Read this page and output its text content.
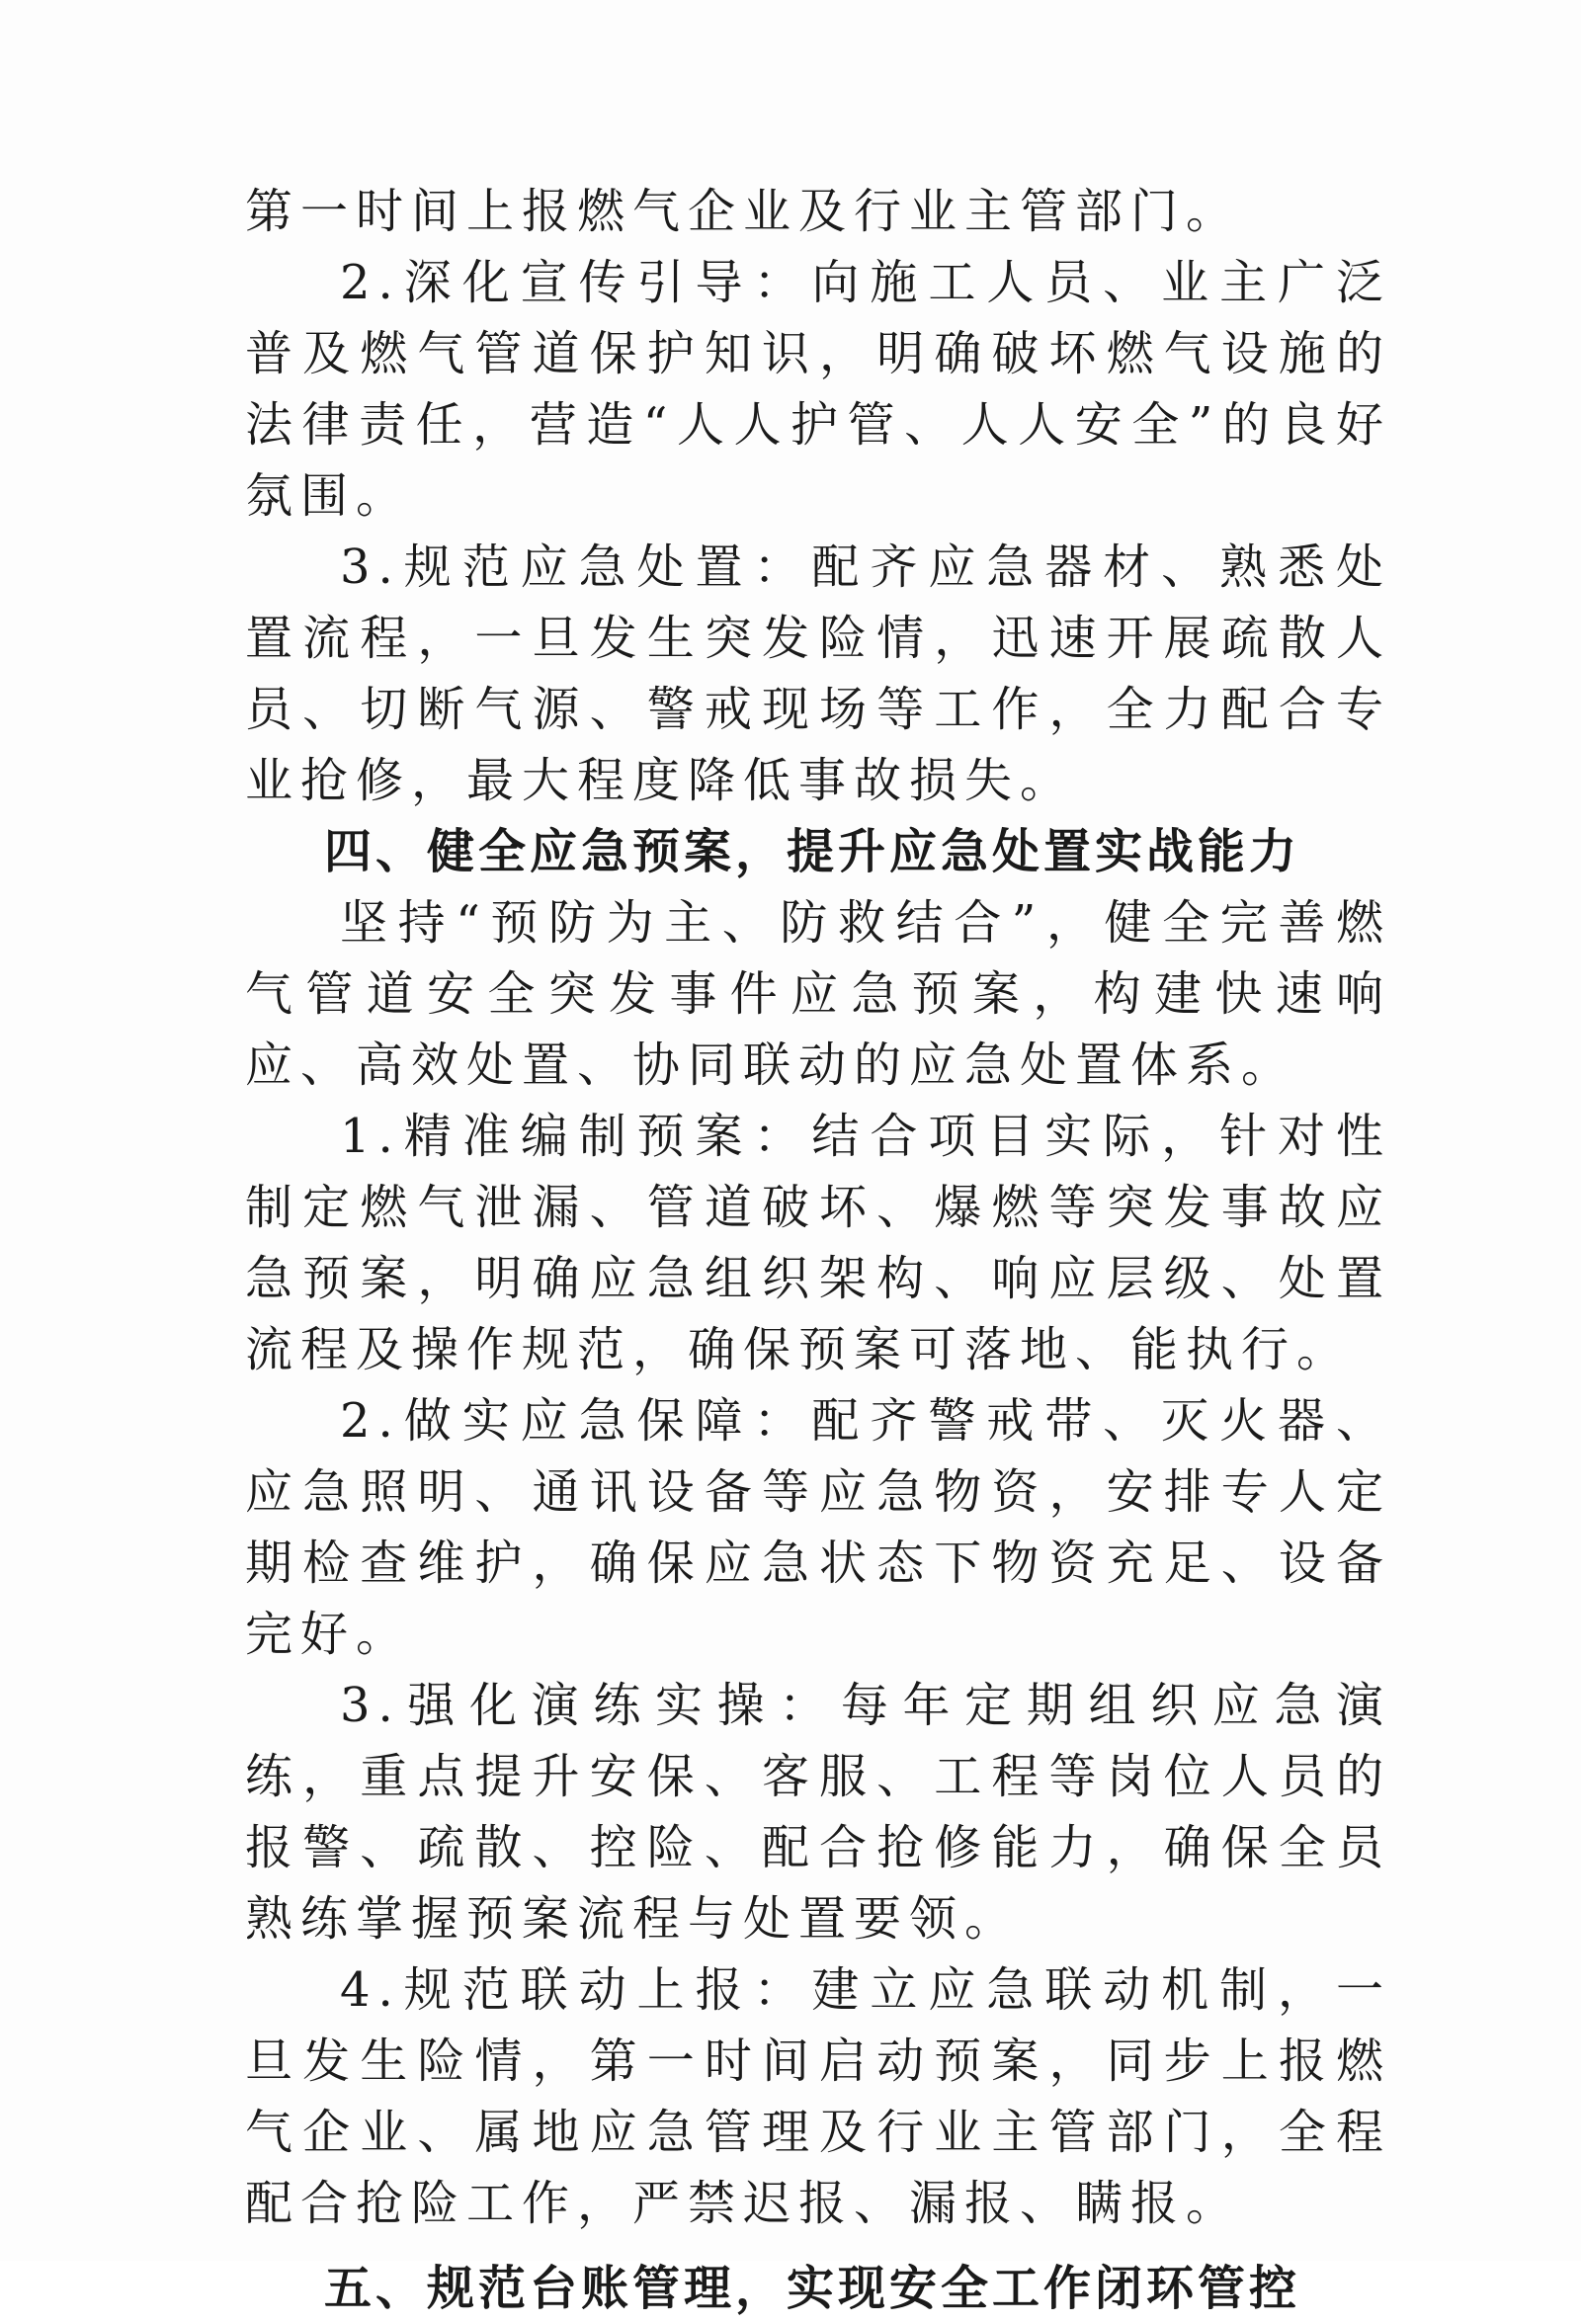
第一时间上报燃气企业及行业主管部门。

2.深化宣传引导：向施工人员、业主广泛普及燃气管道保护知识，明确破坏燃气设施的法律责任，营造“人人护管、人人安全”的良好氛围。

3.规范应急处置：配齐应急器材、熟悉处置流程，一旦发生突发险情，迅速开展疏散人员、切断气源、警戒现场等工作，全力配合专业抢修，最大程度降低事故损失。

四、健全应急预案，提升应急处置实战能力

坚持“预防为主、防救结合”，健全完善燃气管道安全突发事件应急预案，构建快速响应、高效处置、协同联动的应急处置体系。

1.精准编制预案：结合项目实际，针对性制定燃气泄漏、管道破坏、爆燃等突发事故应急预案，明确应急组织架构、响应层级、处置流程及操作规范，确保预案可落地、能执行。

2.做实应急保障：配齐警戒带、灭火器、应急照明、通讯设备等应急物资，安排专人定期检查维护，确保应急状态下物资充足、设备完好。

3.强化演练实操：每年定期组织应急演练，重点提升安保、客服、工程等岗位人员的报警、疏散、控险、配合抢修能力，确保全员熟练掌握预案流程与处置要领。

4.规范联动上报：建立应急联动机制，一旦发生险情，第一时间启动预案，同步上报燃气企业、属地应急管理及行业主管部门，全程配合抢险工作，严禁迟报、漏报、瞒报。

五、规范台账管理，实现安全工作闭环管控
